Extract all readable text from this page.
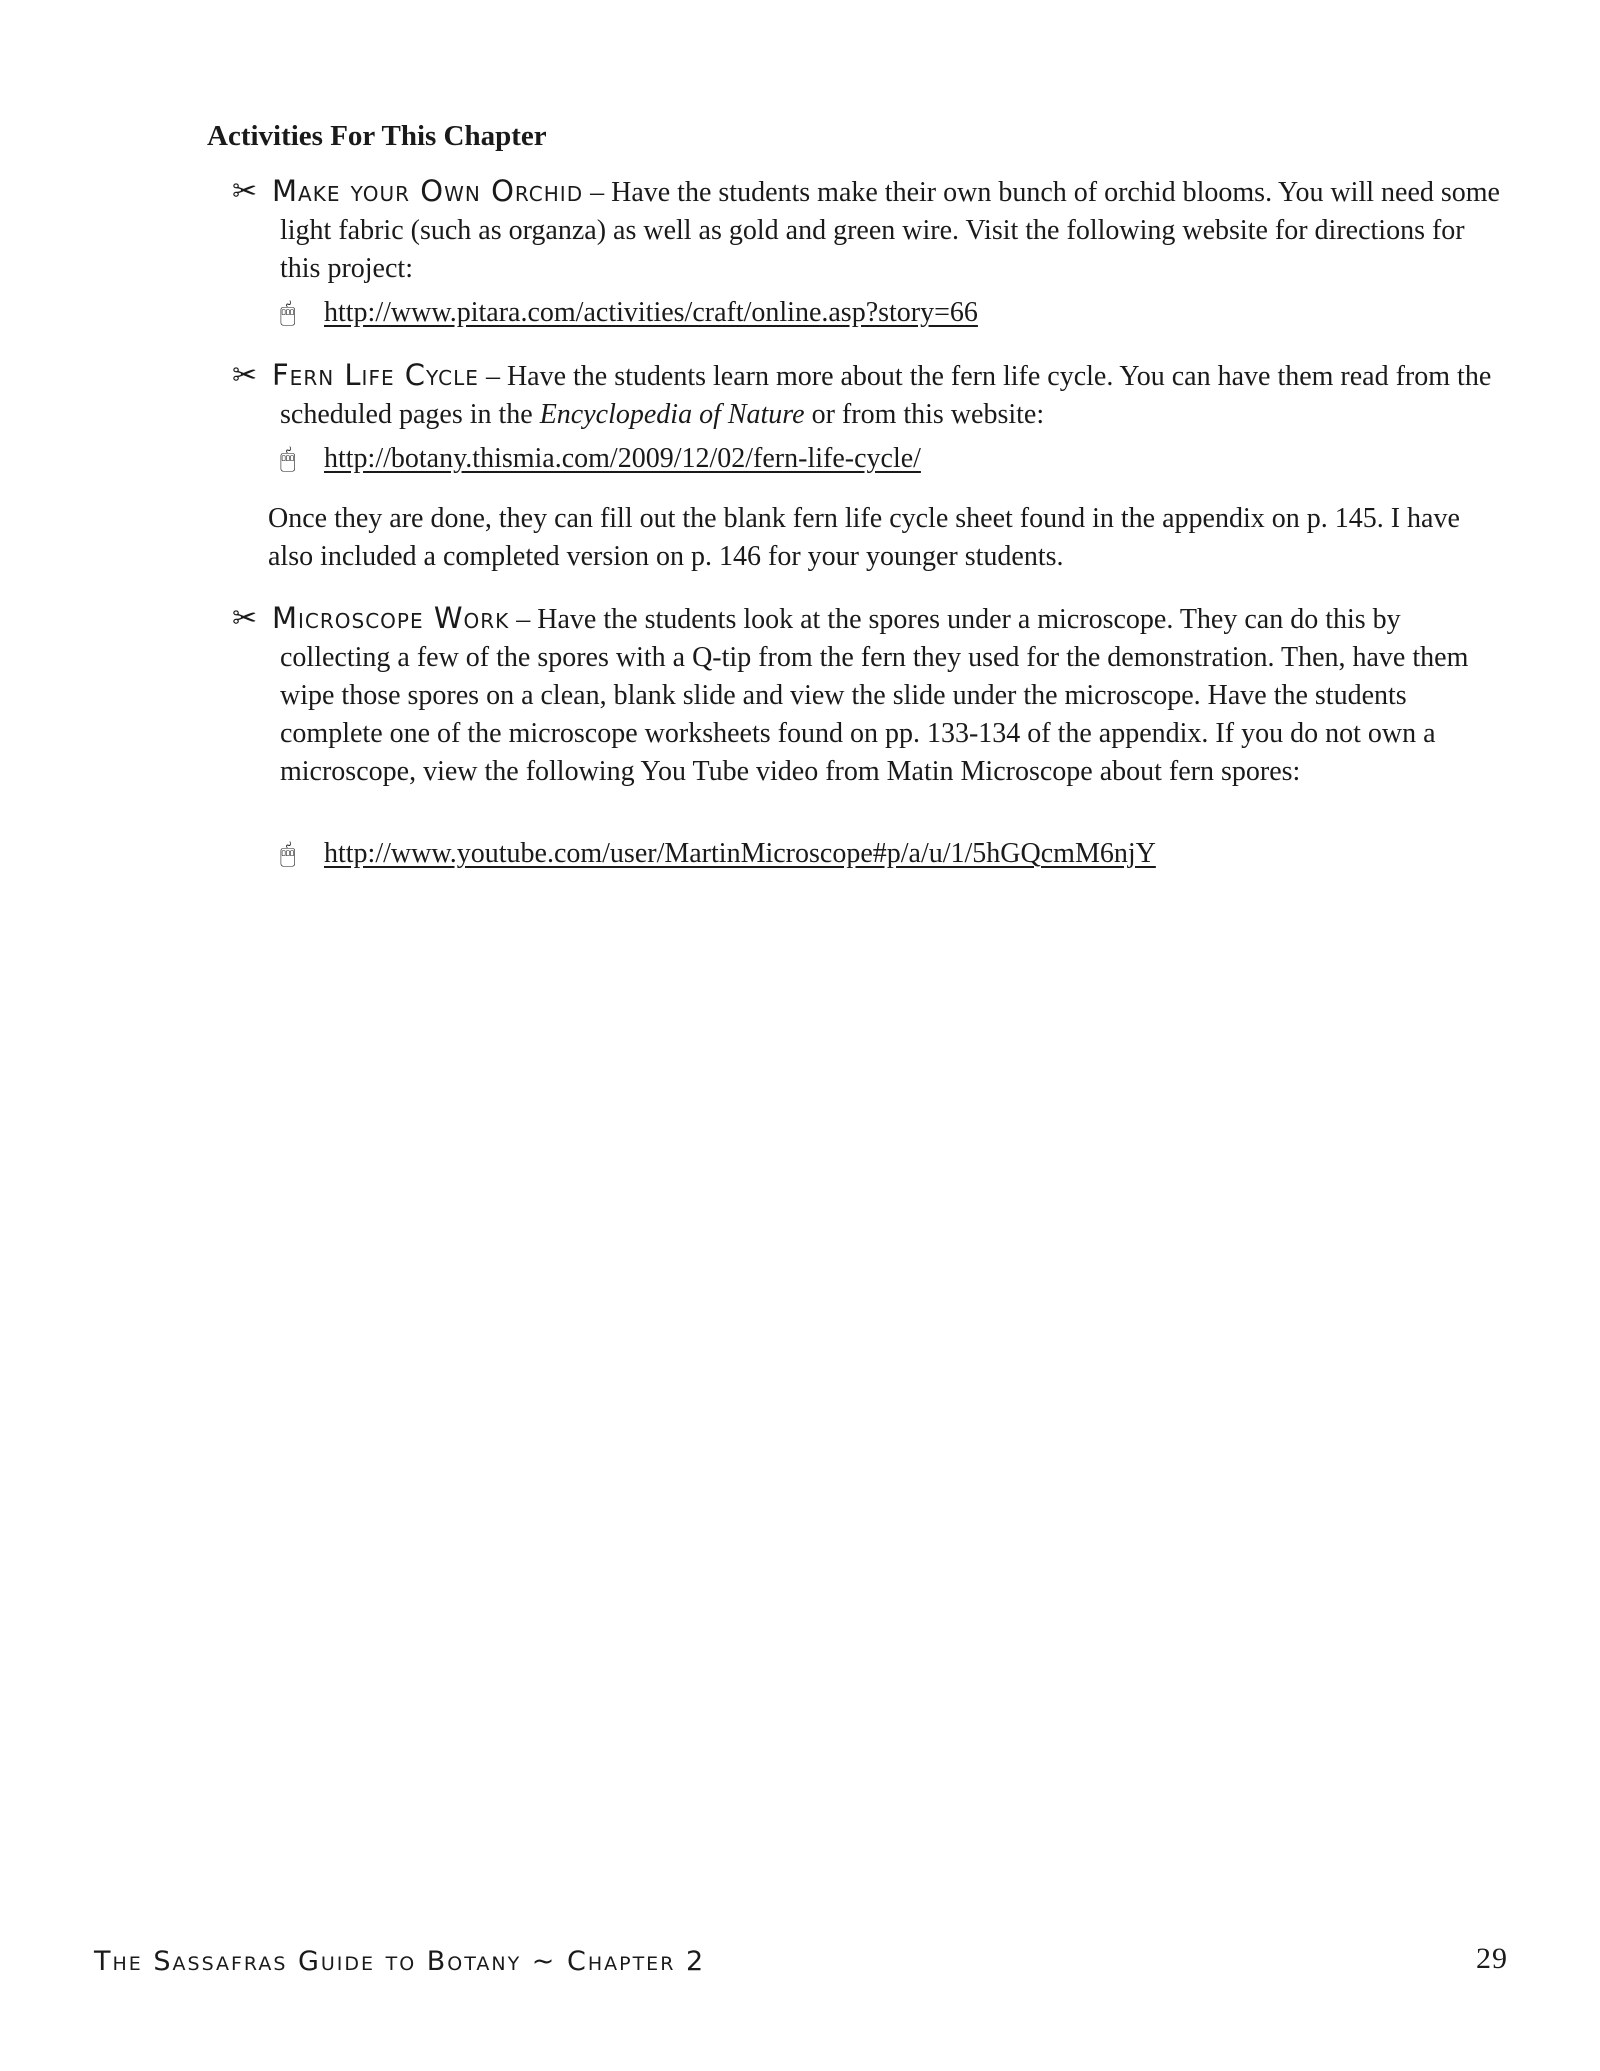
Activities For This Chapter
✂ Make your Own Orchid – Have the students make their own bunch of orchid blooms. You will need some light fabric (such as organza) as well as gold and green wire. Visit the following website for directions for this project:
🖱 http://www.pitara.com/activities/craft/online.asp?story=66
✂ Fern Life Cycle – Have the students learn more about the fern life cycle. You can have them read from the scheduled pages in the Encyclopedia of Nature or from this website:
🖱 http://botany.thismia.com/2009/12/02/fern-life-cycle/
Once they are done, they can fill out the blank fern life cycle sheet found in the appendix on p. 145. I have also included a completed version on p. 146 for your younger students.
✂ Microscope Work – Have the students look at the spores under a microscope. They can do this by collecting a few of the spores with a Q-tip from the fern they used for the demonstration. Then, have them wipe those spores on a clean, blank slide and view the slide under the microscope. Have the students complete one of the microscope worksheets found on pp. 133-134 of the appendix. If you do not own a microscope, view the following You Tube video from Matin Microscope about fern spores:
🖱 http://www.youtube.com/user/MartinMicroscope#p/a/u/1/5hGQcmM6njY
The Sassafras Guide to Botany ~ Chapter 2	29
